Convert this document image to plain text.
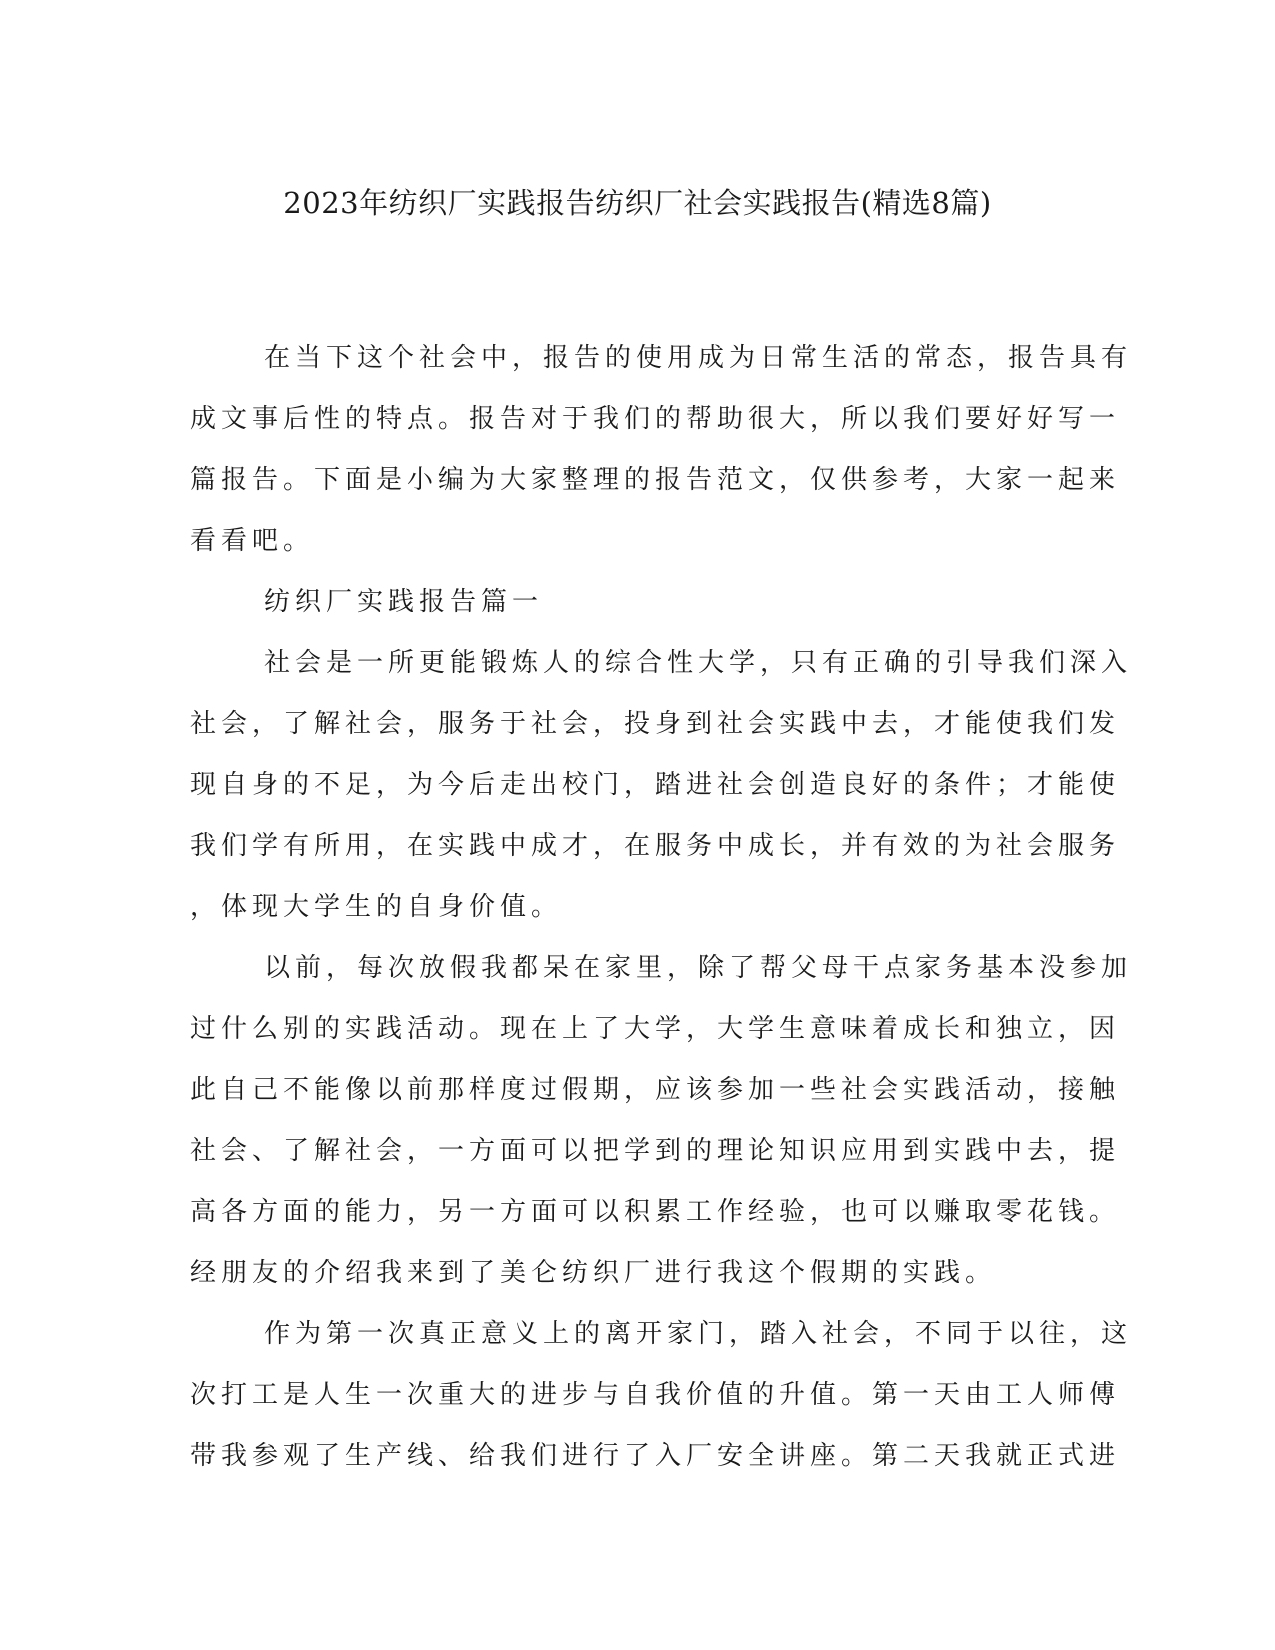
2023年纺织厂实践报告纺织厂社会实践报告(精选8篇)
在当下这个社会中，报告的使用成为日常生活的常态，报告具有
成文事后性的特点。报告对于我们的帮助很大，所以我们要好好写一
篇报告。下面是小编为大家整理的报告范文，仅供参考，大家一起来
看看吧。
纺织厂实践报告篇一
社会是一所更能锻炼人的综合性大学，只有正确的引导我们深入
社会，了解社会，服务于社会，投身到社会实践中去，才能使我们发
现自身的不足，为今后走出校门，踏进社会创造良好的条件；才能使
我们学有所用，在实践中成才，在服务中成长，并有效的为社会服务
，体现大学生的自身价值。
以前，每次放假我都呆在家里，除了帮父母干点家务基本没参加
过什么别的实践活动。现在上了大学，大学生意味着成长和独立，因
此自己不能像以前那样度过假期，应该参加一些社会实践活动，接触
社会、了解社会，一方面可以把学到的理论知识应用到实践中去，提
高各方面的能力，另一方面可以积累工作经验，也可以赚取零花钱。
经朋友的介绍我来到了美仑纺织厂进行我这个假期的实践。
作为第一次真正意义上的离开家门，踏入社会，不同于以往，这
次打工是人生一次重大的进步与自我价值的升值。第一天由工人师傅
带我参观了生产线、给我们进行了入厂安全讲座。第二天我就正式进
